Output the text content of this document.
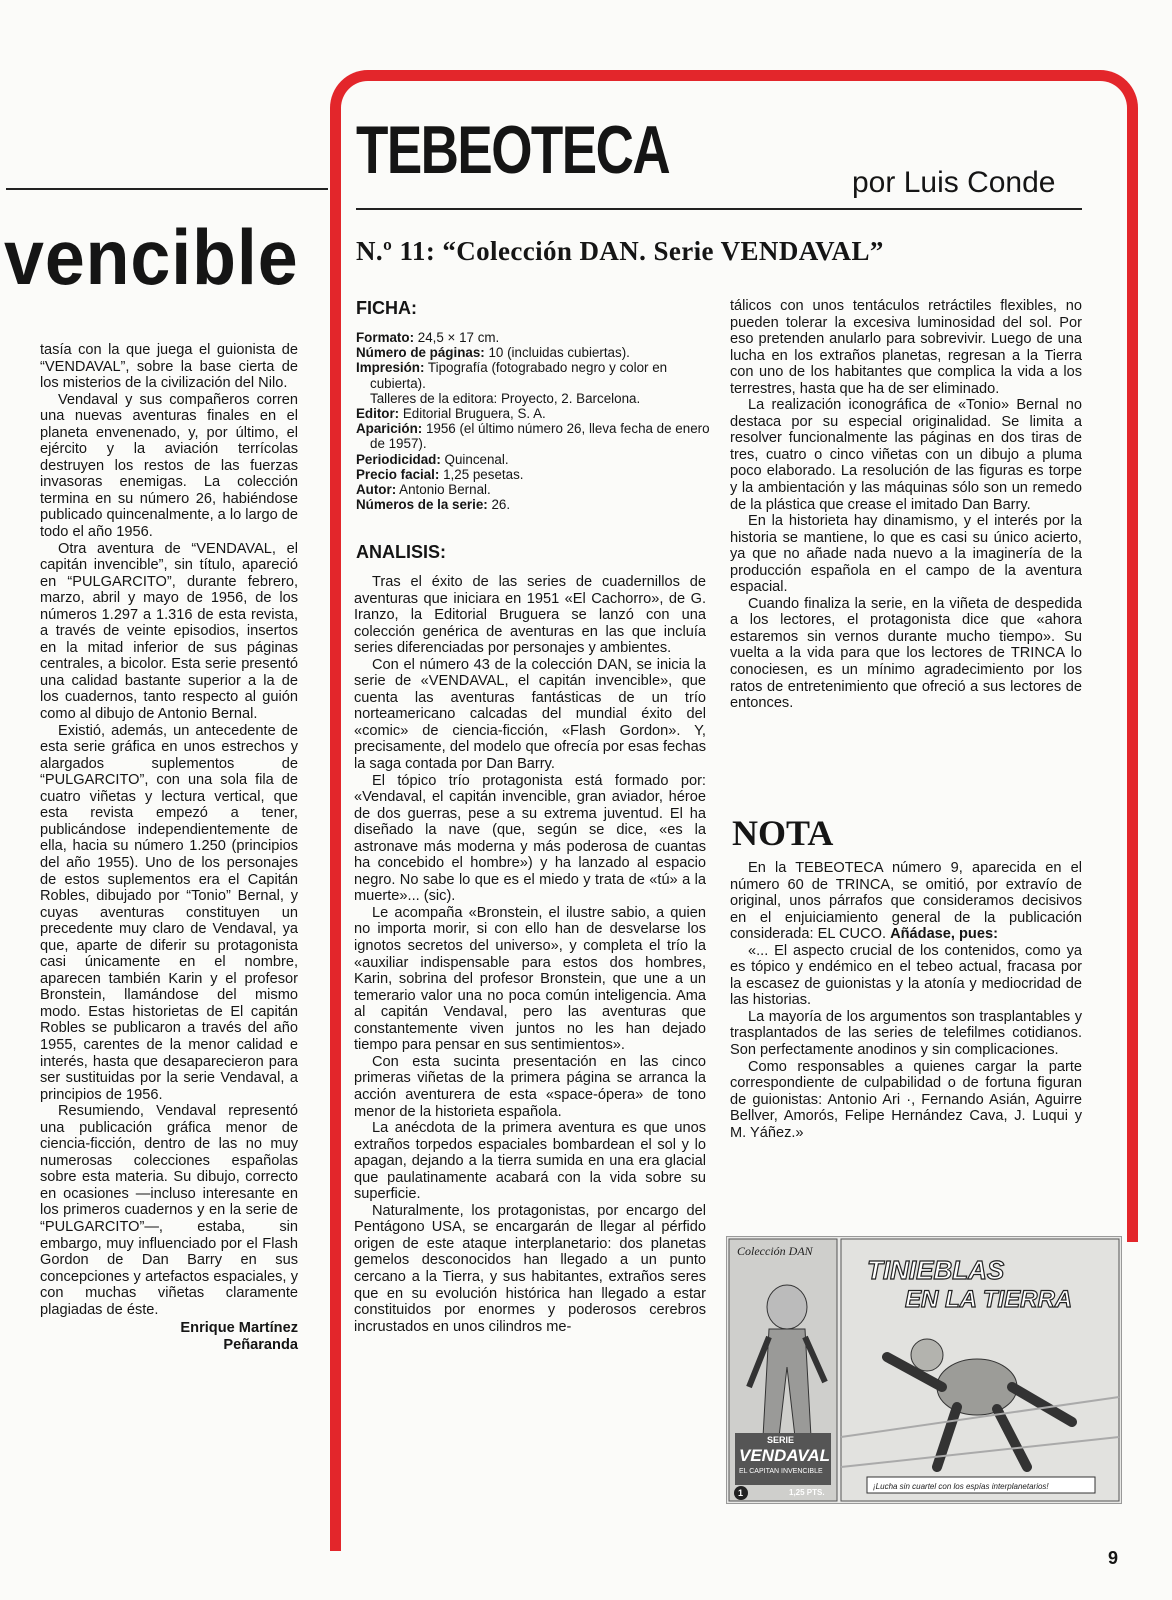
vencible

tasía con la que juega el guionista de “VENDAVAL”, sobre la base cierta de los misterios de la civilización del Nilo.

Vendaval y sus compañeros corren una nuevas aventuras finales en el planeta envenenado, y, por último, el ejército y la aviación terrícolas destruyen los restos de las fuerzas invasoras enemigas. La colección termina en su número 26, habiéndose publicado quincenalmente, a lo largo de todo el año 1956.

Otra aventura de “VENDAVAL, el capitán invencible”, sin título, apareció en “PULGARCITO”, durante febrero, marzo, abril y mayo de 1956, de los números 1.297 a 1.316 de esta revista, a través de veinte episodios, insertos en la mitad inferior de sus páginas centrales, a bicolor. Esta serie presentó una calidad bastante superior a la de los cuadernos, tanto respecto al guión como al dibujo de Antonio Bernal.

Existió, además, un antecedente de esta serie gráfica en unos estrechos y alargados suplementos de “PULGARCITO”, con una sola fila de cuatro viñetas y lectura vertical, que esta revista empezó a tener, publicándose independientemente de ella, hacia su número 1.250 (principios del año 1955). Uno de los personajes de estos suplementos era el Capitán Robles, dibujado por “Tonio” Bernal, y cuyas aventuras constituyen un precedente muy claro de Vendaval, ya que, aparte de diferir su protagonista casi únicamente en el nombre, aparecen también Karin y el profesor Bronstein, llamándose del mismo modo. Estas historietas de El capitán Robles se publicaron a través del año 1955, carentes de la menor calidad e interés, hasta que desaparecieron para ser sustituidas por la serie Vendaval, a principios de 1956.

Resumiendo, Vendaval representó una publicación gráfica menor de ciencia-ficción, dentro de las no muy numerosas colecciones españolas sobre esta materia. Su dibujo, correcto en ocasiones —incluso interesante en los primeros cuadernos y en la serie de “PULGARCITO”—, estaba, sin embargo, muy influenciado por el Flash Gordon de Dan Barry en sus concepciones y artefactos espaciales, y con muchas viñetas claramente plagiadas de éste.

Enrique Martínez
Peñaranda
TEBEOTECA	por Luis Conde
N.º 11: “Colección DAN. Serie VENDAVAL”
FICHA:
Formato: 24,5 × 17 cm.
Número de páginas: 10 (incluidas cubiertas).
Impresión: Tipografía (fotograbado negro y color en cubierta).
Talleres de la editora: Proyecto, 2. Barcelona.
Editor: Editorial Bruguera, S. A.
Aparición: 1956 (el último número 26, lleva fecha de enero de 1957).
Periodicidad: Quincenal.
Precio facial: 1,25 pesetas.
Autor: Antonio Bernal.
Números de la serie: 26.
ANALISIS:

Tras el éxito de las series de cuadernillos de aventuras que iniciara en 1951 «El Cachorro», de G. Iranzo, la Editorial Bruguera se lanzó con una colección genérica de aventuras en las que incluía series diferenciadas por personajes y ambientes.

Con el número 43 de la colección DAN, se inicia la serie de «VENDAVAL, el capitán invencible», que cuenta las aventuras fantásticas de un trío norteamericano calcadas del mundial éxito del «comic» de ciencia-ficción, «Flash Gordon». Y, precisamente, del modelo que ofrecía por esas fechas la saga contada por Dan Barry.

El tópico trío protagonista está formado por: «Vendaval, el capitán invencible, gran aviador, héroe de dos guerras, pese a su extrema juventud. El ha diseñado la nave (que, según se dice, «es la astronave más moderna y más poderosa de cuantas ha concebido el hombre») y ha lanzado al espacio negro. No sabe lo que es el miedo y trata de «tú» a la muerte»... (sic).

Le acompaña «Bronstein, el ilustre sabio, a quien no importa morir, si con ello han de desvelarse los ignotos secretos del universo», y completa el trío la «auxiliar indispensable para estos dos hombres, Karin, sobrina del profesor Bronstein, que une a un temerario valor una no poca común inteligencia. Ama al capitán Vendaval, pero las aventuras que constantemente viven juntos no les han dejado tiempo para pensar en sus sentimientos».

Con esta sucinta presentación en las cinco primeras viñetas de la primera página se arranca la acción aventurera de esta «space-ópera» de tono menor de la historieta española.

La anécdota de la primera aventura es que unos extraños torpedos espaciales bombardean el sol y lo apagan, dejando a la tierra sumida en una era glacial que paulatinamente acabará con la vida sobre su superficie.

Naturalmente, los protagonistas, por encargo del Pentágono USA, se encargarán de llegar al pérfido origen de este ataque interplanetario: dos planetas gemelos desconocidos han llegado a un punto cercano a la Tierra, y sus habitantes, extraños seres que en su evolución histórica han llegado a estar constituidos por enormes y poderosos cerebros incrustados en unos cilindros me-

tálicos con unos tentáculos retráctiles flexibles, no pueden tolerar la excesiva luminosidad del sol. Por eso pretenden anularlo para sobrevivir. Luego de una lucha en los extraños planetas, regresan a la Tierra con uno de los habitantes que complica la vida a los terrestres, hasta que ha de ser eliminado.

La realización iconográfica de «Tonio» Bernal no destaca por su especial originalidad. Se limita a resolver funcionalmente las páginas en dos tiras de tres, cuatro o cinco viñetas con un dibujo a pluma poco elaborado. La resolución de las figuras es torpe y la ambientación y las máquinas sólo son un remedo de la plástica que crease el imitado Dan Barry.

En la historieta hay dinamismo, y el interés por la historia se mantiene, lo que es casi su único acierto, ya que no añade nada nuevo a la imaginería de la producción española en el campo de la aventura espacial.

Cuando finaliza la serie, en la viñeta de despedida a los lectores, el protagonista dice que «ahora estaremos sin vernos durante mucho tiempo». Su vuelta a la vida para que los lectores de TRINCA lo conociesen, es un mínimo agradecimiento por los ratos de entretenimiento que ofreció a sus lectores de entonces.

NOTA

En la TEBEOTECA número 9, aparecida en el número 60 de TRINCA, se omitió, por extravío de original, unos párrafos que consideramos decisivos en el enjuiciamiento general de la publicación considerada: EL CUCO. Añádase, pues:

«... El aspecto crucial de los contenidos, como ya es tópico y endémico en el tebeo actual, fracasa por la escasez de guionistas y la atonía y mediocridad de las historias.

La mayoría de los argumentos son trasplantables y trasplantados de las series de telefilmes cotidianos. Son perfectamente anodinos y sin complicaciones.

Como responsables a quienes cargar la parte correspondiente de culpabilidad o de fortuna figuran de guionistas: Antonio Ari ·, Fernando Asián, Aguirre Bellver, Amorós, Felipe Hernández Cava, J. Luqui y M. Yáñez.»

Colección DAN
SERIE
VENDAVAL
EL CAPITAN INVENCIBLE
1	1,25 PTS.
TINIEBLAS
EN LA TIERRA
¡Lucha sin cuartel con los espías interplanetarios!
9
